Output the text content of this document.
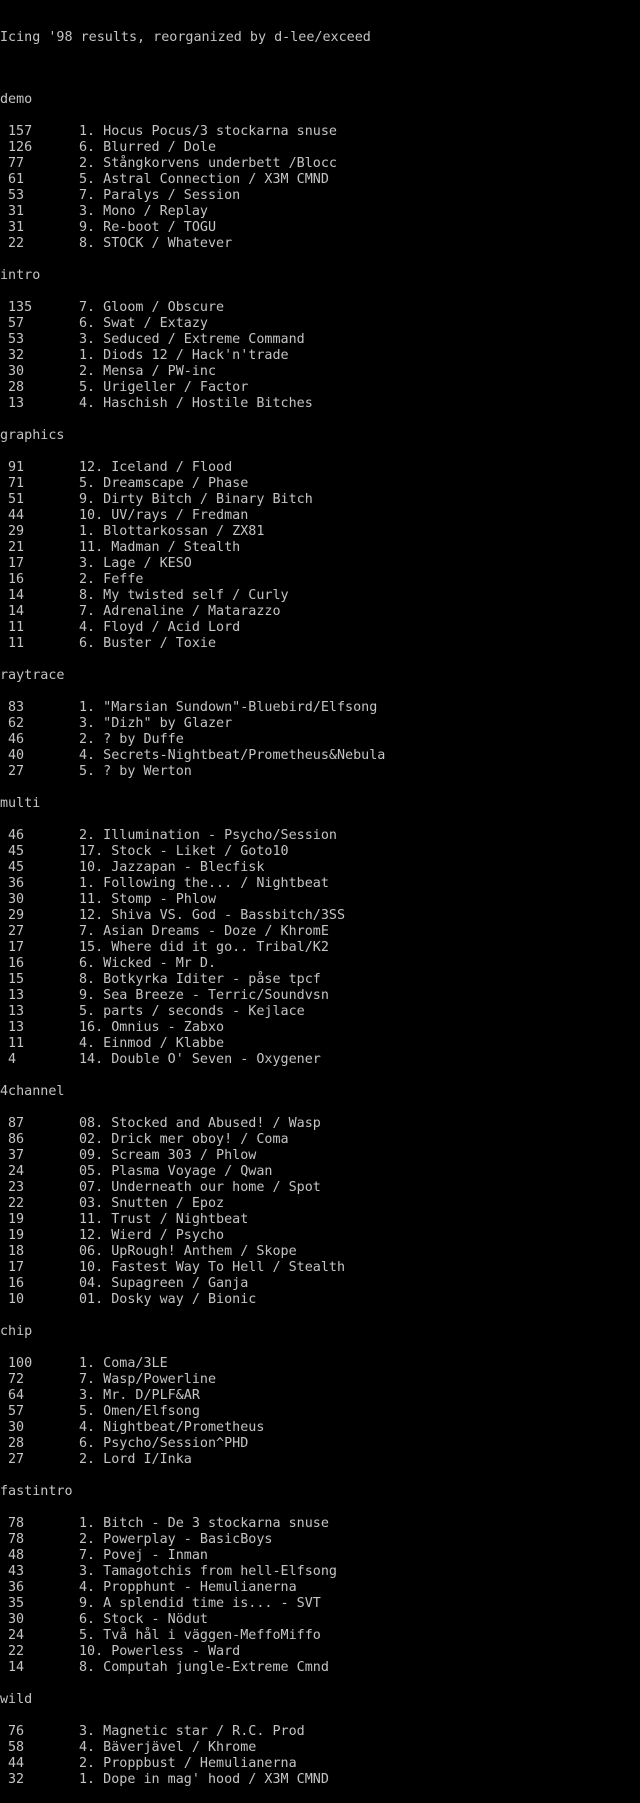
Icing '98 results, reorganized by d-lee/exceed

demo
157	1. Hocus Pocus/3 stockarna snuse
126	6. Blurred / Dole
77	2. Stångkorvens underbett /Blocc
61	5. Astral Connection / X3M CMND
53	7. Paralys / Session
31	3. Mono / Replay
31	9. Re-boot / TOGU
22	8. STOCK / Whatever
intro
135	7. Gloom / Obscure
57	6. Swat / Extazy
53	3. Seduced / Extreme Command
32	1. Diods 12 / Hack'n'trade
30	2. Mensa / PW-inc
28	5. Urigeller / Factor
13	4. Haschish / Hostile Bitches
graphics
91	12. Iceland / Flood
71	5. Dreamscape / Phase
51	9. Dirty Bitch / Binary Bitch
44	10. UV/rays / Fredman
29	1. Blottarkossan / ZX81
21	11. Madman / Stealth
17	3. Lage / KESO
16	2. Feffe
14	8. My twisted self / Curly
14	7. Adrenaline / Matarazzo
11	4. Floyd / Acid Lord
11	6. Buster / Toxie
raytrace
83	1. "Marsian Sundown"-Bluebird/Elfsong
62	3. "Dizh" by Glazer
46	2. ? by Duffe
40	4. Secrets-Nightbeat/Prometheus&Nebula
27	5. ? by Werton
multi
46	2. Illumination - Psycho/Session
45	17. Stock - Liket / Goto10
45	10. Jazzapan - Blecfisk
36	1. Following the... / Nightbeat
30	11. Stomp - Phlow
29	12. Shiva VS. God - Bassbitch/3SS
27	7. Asian Dreams - Doze / KhromE
17	15. Where did it go.. Tribal/K2
16	6. Wicked - Mr D.
15	8. Botkyrka Iditer - påse tpcf
13	9. Sea Breeze - Terric/Soundvsn
13	5. parts / seconds - Kejlace
13	16. Omnius - Zabxo
11	4. Einmod / Klabbe
4	14. Double O' Seven - Oxygener
4channel
87	08. Stocked and Abused! / Wasp
86	02. Drick mer oboy! / Coma
37	09. Scream 303 / Phlow
24	05. Plasma Voyage / Qwan
23	07. Underneath our home / Spot
22	03. Snutten / Epoz
19	11. Trust / Nightbeat
19	12. Wierd / Psycho
18	06. UpRough! Anthem / Skope
17	10. Fastest Way To Hell / Stealth
16	04. Supagreen / Ganja
10	01. Dosky way / Bionic
chip
100	1. Coma/3LE
72	7. Wasp/Powerline
64	3. Mr. D/PLF&AR
57	5. Omen/Elfsong
30	4. Nightbeat/Prometheus
28	6. Psycho/Session^PHD
27	2. Lord I/Inka
fastintro
78	1. Bitch - De 3 stockarna snuse
78	2. Powerplay - BasicBoys
48	7. Povej - Inman
43	3. Tamagotchis from hell-Elfsong
36	4. Propphunt - Hemulianerna
35	9. A splendid time is... - SVT
30	6. Stock - Nödut
24	5. Två hål i väggen-MeffoMiffo
22	10. Powerless - Ward
14	8. Computah jungle-Extreme Cmnd
wild
76	3. Magnetic star / R.C. Prod
58	4. Bäverjävel / Khrome
44	2. Proppbust / Hemulianerna
32	1. Dope in mag' hood / X3M CMND
